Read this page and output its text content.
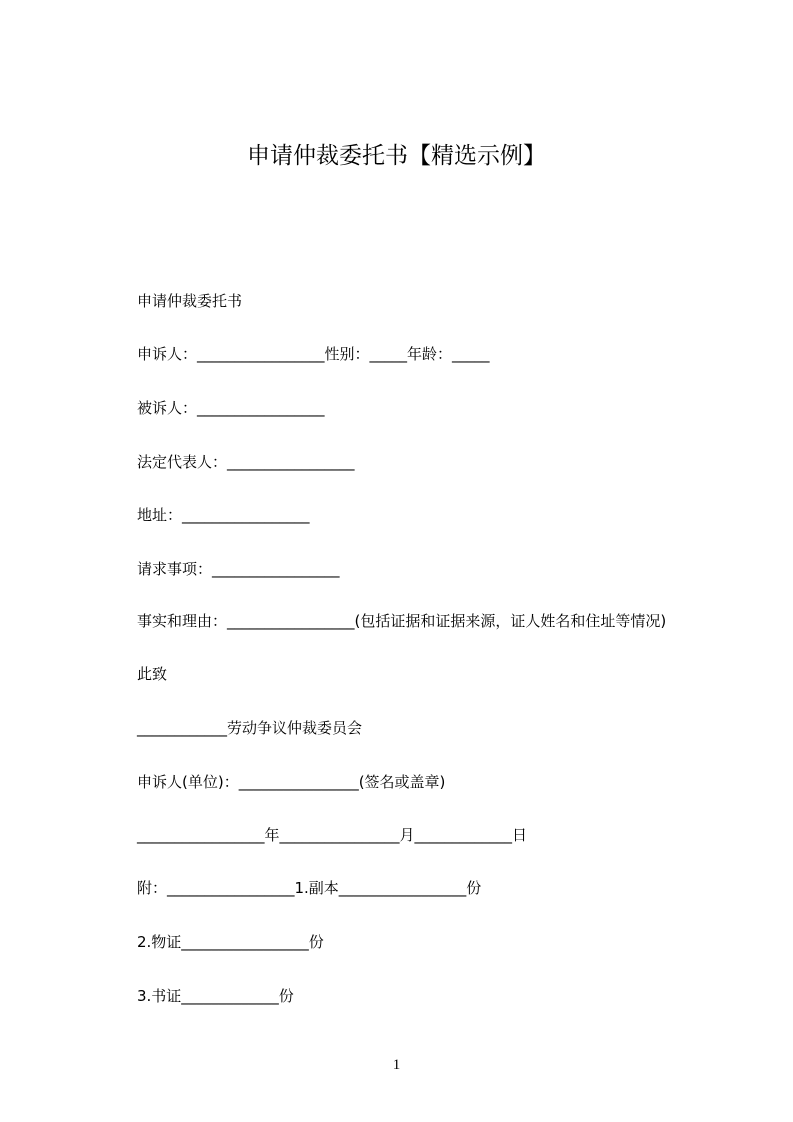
申请仲裁委托书【精选示例】
申请仲裁委托书
申诉人：_________________性别：_____年龄：_____
被诉人：_________________
法定代表人：_________________
地址：_________________
请求事项：_________________
事实和理由：_________________(包括证据和证据来源，证人姓名和住址等情况)
此致
____________劳动争议仲裁委员会
申诉人(单位)：________________(签名或盖章)
_________________年________________月_____________日
附：_________________1.副本_________________份
2.物证_________________份
3.书证_____________份
1
